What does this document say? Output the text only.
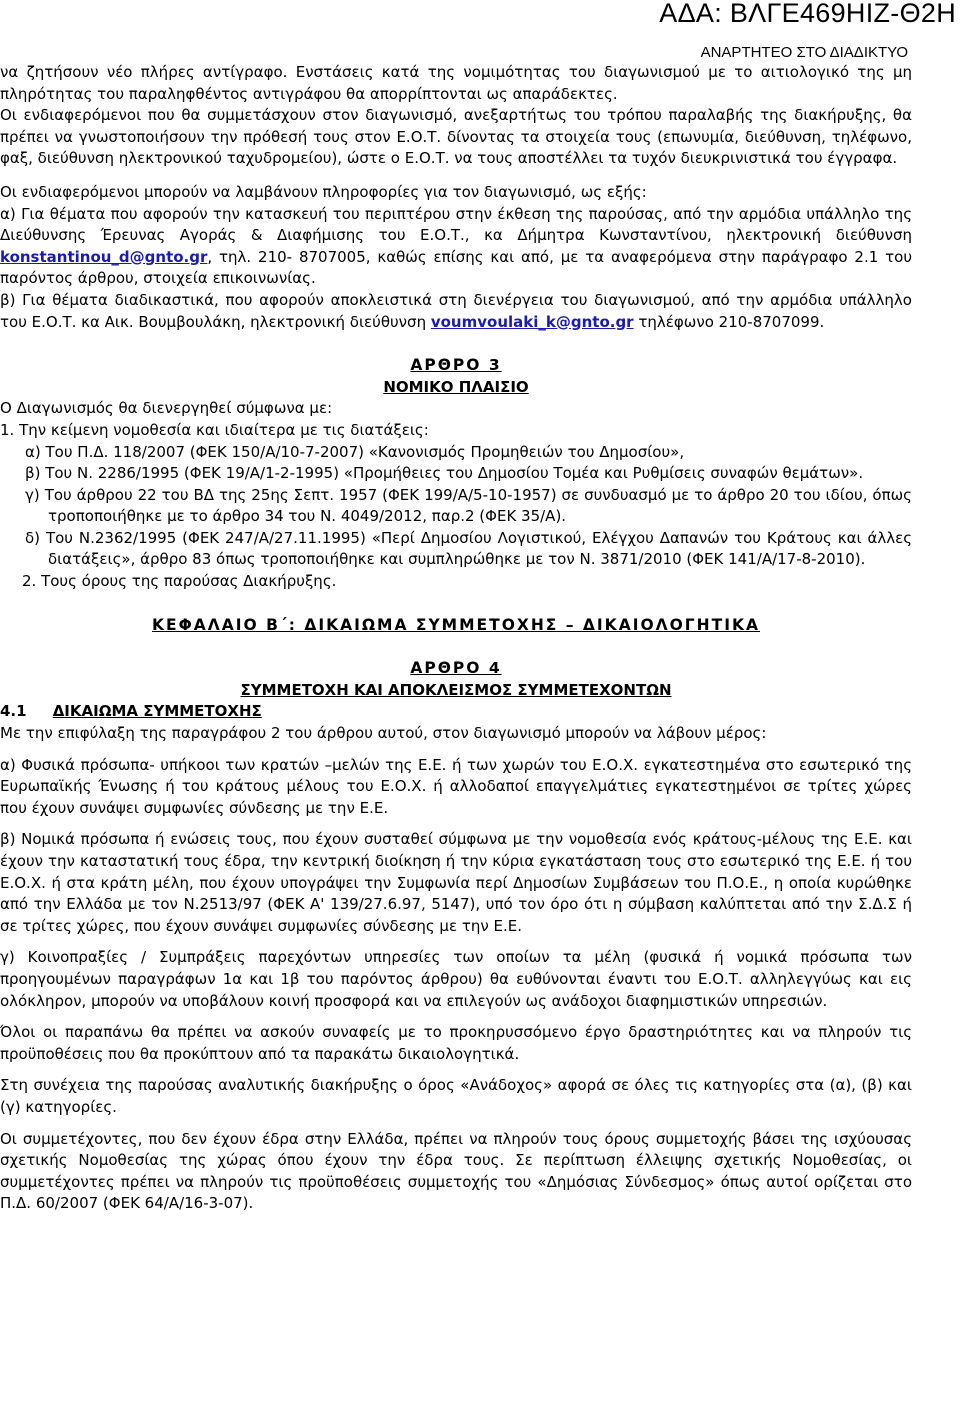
ΑΔΑ: ΒΛΓΕ469ΗΙΖ-Θ2Η
ΑΝΑΡΤΗΤΕΟ ΣΤΟ ΔΙΑΔΙΚΤΥΟ

να ζητήσουν νέο πλήρες αντίγραφο. Ενστάσεις κατά της νομιμότητας του διαγωνισμού με το αιτιολογικό της μη πληρότητας του παραληφθέντος αντιγράφου θα απορρίπτονται ως απαράδεκτες.

Οι ενδιαφερόμενοι που θα συμμετάσχουν στον διαγωνισμό, ανεξαρτήτως του τρόπου παραλαβής της διακήρυξης, θα πρέπει να γνωστοποιήσουν την πρόθεσή τους στον Ε.Ο.Τ. δίνοντας τα στοιχεία τους (επωνυμία, διεύθυνση, τηλέφωνο, φαξ, διεύθυνση ηλεκτρονικού ταχυδρομείου), ώστε ο Ε.Ο.Τ. να τους αποστέλλει τα τυχόν διευκρινιστικά του έγγραφα.

Οι ενδιαφερόμενοι μπορούν να λαμβάνουν πληροφορίες για τον διαγωνισμό, ως εξής:

α) Για θέματα που αφορούν την κατασκευή του περιπτέρου στην έκθεση της παρούσας, από την αρμόδια υπάλληλο της Διεύθυνσης Έρευνας Αγοράς & Διαφήμισης του Ε.Ο.Τ., κα Δήμητρα Κωνσταντίνου, ηλεκτρονική διεύθυνση konstantinou_d@gnto.gr, τηλ. 210- 8707005, καθώς επίσης και από, με τα αναφερόμενα στην παράγραφο 2.1 του παρόντος άρθρου, στοιχεία επικοινωνίας.

β) Για θέματα διαδικαστικά, που αφορούν αποκλειστικά στη διενέργεια του διαγωνισμού, από την αρμόδια υπάλληλο του Ε.Ο.Τ. κα Αικ. Βουμβουλάκη, ηλεκτρονική διεύθυνση voumvoulaki_k@gnto.gr τηλέφωνο 210-8707099.

ΑΡΘΡΟ 3

ΝΟΜΙΚΟ ΠΛΑΙΣΙΟ

Ο Διαγωνισμός θα διενεργηθεί σύμφωνα με:

1. Την κείμενη νομοθεσία και ιδιαίτερα με τις διατάξεις:

α) Του Π.Δ. 118/2007 (ΦΕΚ 150/Α/10-7-2007) «Κανονισμός Προμηθειών του Δημοσίου»,

β) Του Ν. 2286/1995 (ΦΕΚ 19/Α/1-2-1995) «Προμήθειες του Δημοσίου Τομέα και Ρυθμίσεις συναφών θεμάτων».

γ) Του άρθρου 22 του ΒΔ της 25ης Σεπτ. 1957 (ΦΕΚ 199/Α/5-10-1957) σε συνδυασμό με το άρθρο 20 του ιδίου, όπως τροποποιήθηκε με το άρθρο 34 του Ν. 4049/2012, παρ.2 (ΦΕΚ 35/Α).

δ) Του Ν.2362/1995 (ΦΕΚ 247/Α/27.11.1995) «Περί Δημοσίου Λογιστικού, Ελέγχου Δαπανών του Κράτους και άλλες διατάξεις», άρθρο 83 όπως τροποποιήθηκε και συμπληρώθηκε με τον Ν. 3871/2010 (ΦΕΚ 141/Α/17-8-2010).

2. Τους όρους της παρούσας Διακήρυξης.

ΚΕΦΑΛΑΙΟ Β΄: ΔΙΚΑΙΩΜΑ ΣΥΜΜΕΤΟΧΗΣ – ΔΙΚΑΙΟΛΟΓΗΤΙΚΑ

ΑΡΘΡΟ 4

ΣΥΜΜΕΤΟΧΗ ΚΑΙ ΑΠΟΚΛΕΙΣΜΟΣ ΣΥΜΜΕΤΕΧΟΝΤΩΝ

4.1 ΔΙΚΑΙΩΜΑ ΣΥΜΜΕΤΟΧΗΣ

Με την επιφύλαξη της παραγράφου 2 του άρθρου αυτού, στον διαγωνισμό μπορούν να λάβουν μέρος:

α) Φυσικά πρόσωπα- υπήκοοι των κρατών –μελών της Ε.Ε. ή των χωρών του Ε.Ο.Χ. εγκατεστημένα στο εσωτερικό της Ευρωπαϊκής Ένωσης ή του κράτους μέλους του Ε.Ο.Χ. ή αλλοδαποί επαγγελμάτιες εγκατεστημένοι σε τρίτες χώρες που έχουν συνάψει συμφωνίες σύνδεσης με την Ε.Ε.

β) Νομικά πρόσωπα ή ενώσεις τους, που έχουν συσταθεί σύμφωνα με την νομοθεσία ενός κράτους-μέλους της Ε.Ε. και έχουν την καταστατική τους έδρα, την κεντρική διοίκηση ή την κύρια εγκατάσταση τους στο εσωτερικό της Ε.Ε. ή του Ε.Ο.Χ. ή στα κράτη μέλη, που έχουν υπογράψει την Συμφωνία περί Δημοσίων Συμβάσεων του Π.Ο.Ε., η οποία κυρώθηκε από την Ελλάδα με τον Ν.2513/97 (ΦΕΚ Α' 139/27.6.97, 5147), υπό τον όρο ότι η σύμβαση καλύπτεται από την Σ.Δ.Σ ή σε τρίτες χώρες, που έχουν συνάψει συμφωνίες σύνδεσης με την Ε.Ε.

γ) Κοινοπραξίες / Συμπράξεις παρεχόντων υπηρεσίες των οποίων τα μέλη (φυσικά ή νομικά πρόσωπα των προηγουμένων παραγράφων 1α και 1β του παρόντος άρθρου) θα ευθύνονται έναντι του Ε.Ο.Τ. αλληλεγγύως και εις ολόκληρον, μπορούν να υποβάλουν κοινή προσφορά και να επιλεγούν ως ανάδοχοι διαφημιστικών υπηρεσιών.

Όλοι οι παραπάνω θα πρέπει να ασκούν συναφείς με το προκηρυσσόμενο έργο δραστηριότητες και να πληρούν τις προϋποθέσεις που θα προκύπτουν από τα παρακάτω δικαιολογητικά.

Στη συνέχεια της παρούσας αναλυτικής διακήρυξης ο όρος «Ανάδοχος» αφορά σε όλες τις κατηγορίες στα (α), (β) και (γ) κατηγορίες.

Οι συμμετέχοντες, που δεν έχουν έδρα στην Ελλάδα, πρέπει να πληρούν τους όρους συμμετοχής βάσει της ισχύουσας σχετικής Νομοθεσίας της χώρας όπου έχουν την έδρα τους. Σε περίπτωση έλλειψης σχετικής Νομοθεσίας, οι συμμετέχοντες πρέπει να πληρούν τις προϋποθέσεις συμμετοχής του «Δημόσιας Σύνδεσμος» όπως αυτοί ορίζεται στο Π.Δ. 60/2007 (ΦΕΚ 64/Α/16-3-07).
